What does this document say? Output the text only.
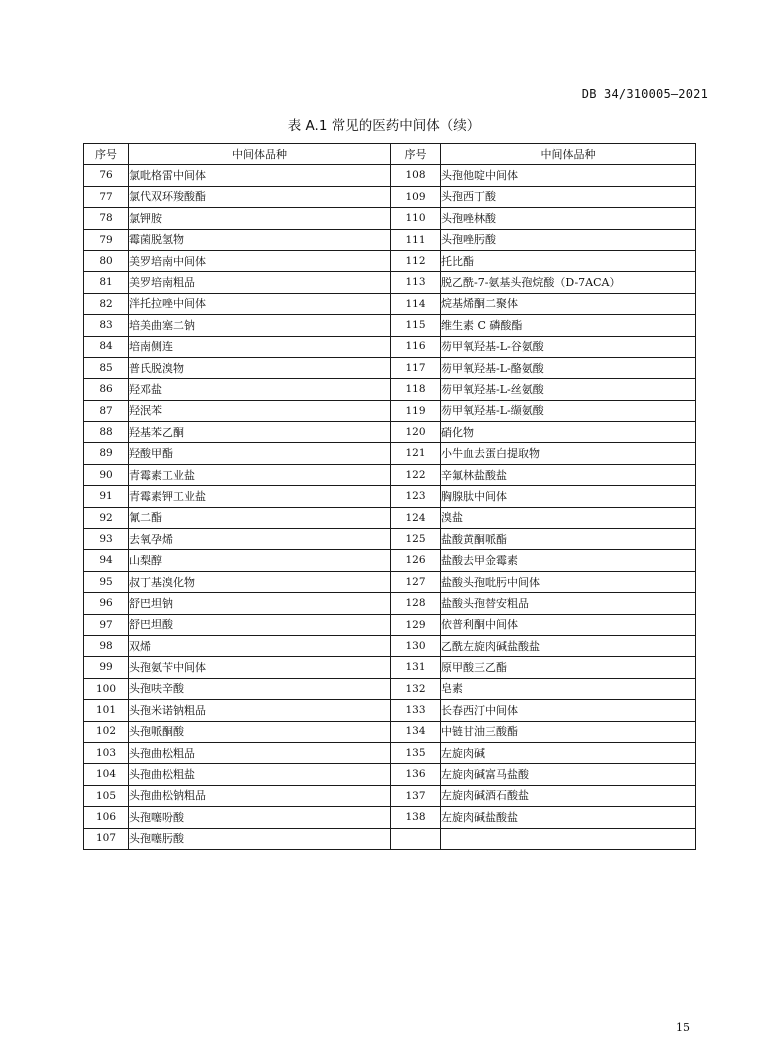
DB 34/310005—2021
表 A.1 常见的医药中间体（续）
序号	中间体品种	序号	中间体品种
76	氯吡格雷中间体	108	头孢他啶中间体
77	氯代双环羧酸酯	109	头孢西丁酸
78	氯钾胺	110	头孢唑林酸
79	霉菌脱氢物	111	头孢唑肟酸
80	美罗培南中间体	112	托比酯
81	美罗培南粗品	113	脱乙酰-7-氨基头孢烷酸（D-7ACA）
82	泮托拉唑中间体	114	烷基烯酮二聚体
83	培美曲塞二钠	115	维生素 C 磷酸酯
84	培南侧连	116	芴甲氧羟基-L-谷氨酸
85	普氏脱溴物	117	芴甲氧羟基-L-酪氨酸
86	羟邓盐	118	芴甲氧羟基-L-丝氨酸
87	羟泯苯	119	芴甲氧羟基-L-缬氨酸
88	羟基苯乙酮	120	硝化物
89	羟酸甲酯	121	小牛血去蛋白提取物
90	青霉素工业盐	122	辛氟林盐酸盐
91	青霉素钾工业盐	123	胸腺肽中间体
92	氰二酯	124	溴盐
93	去氧孕烯	125	盐酸黄酮哌酯
94	山梨醇	126	盐酸去甲金霉素
95	叔丁基溴化物	127	盐酸头孢吡肟中间体
96	舒巴坦钠	128	盐酸头孢替安粗品
97	舒巴坦酸	129	依普利酮中间体
98	双烯	130	乙酰左旋肉碱盐酸盐
99	头孢氨苄中间体	131	原甲酸三乙酯
100	头孢呋辛酸	132	皂素
101	头孢米诺钠粗品	133	长春西汀中间体
102	头孢哌酮酸	134	中链甘油三酸酯
103	头孢曲松粗品	135	左旋肉碱
104	头孢曲松粗盐	136	左旋肉碱富马盐酸
105	头孢曲松钠粗品	137	左旋肉碱酒石酸盐
106	头孢噻吩酸	138	左旋肉碱盐酸盐
107	头孢噻肟酸		
15
